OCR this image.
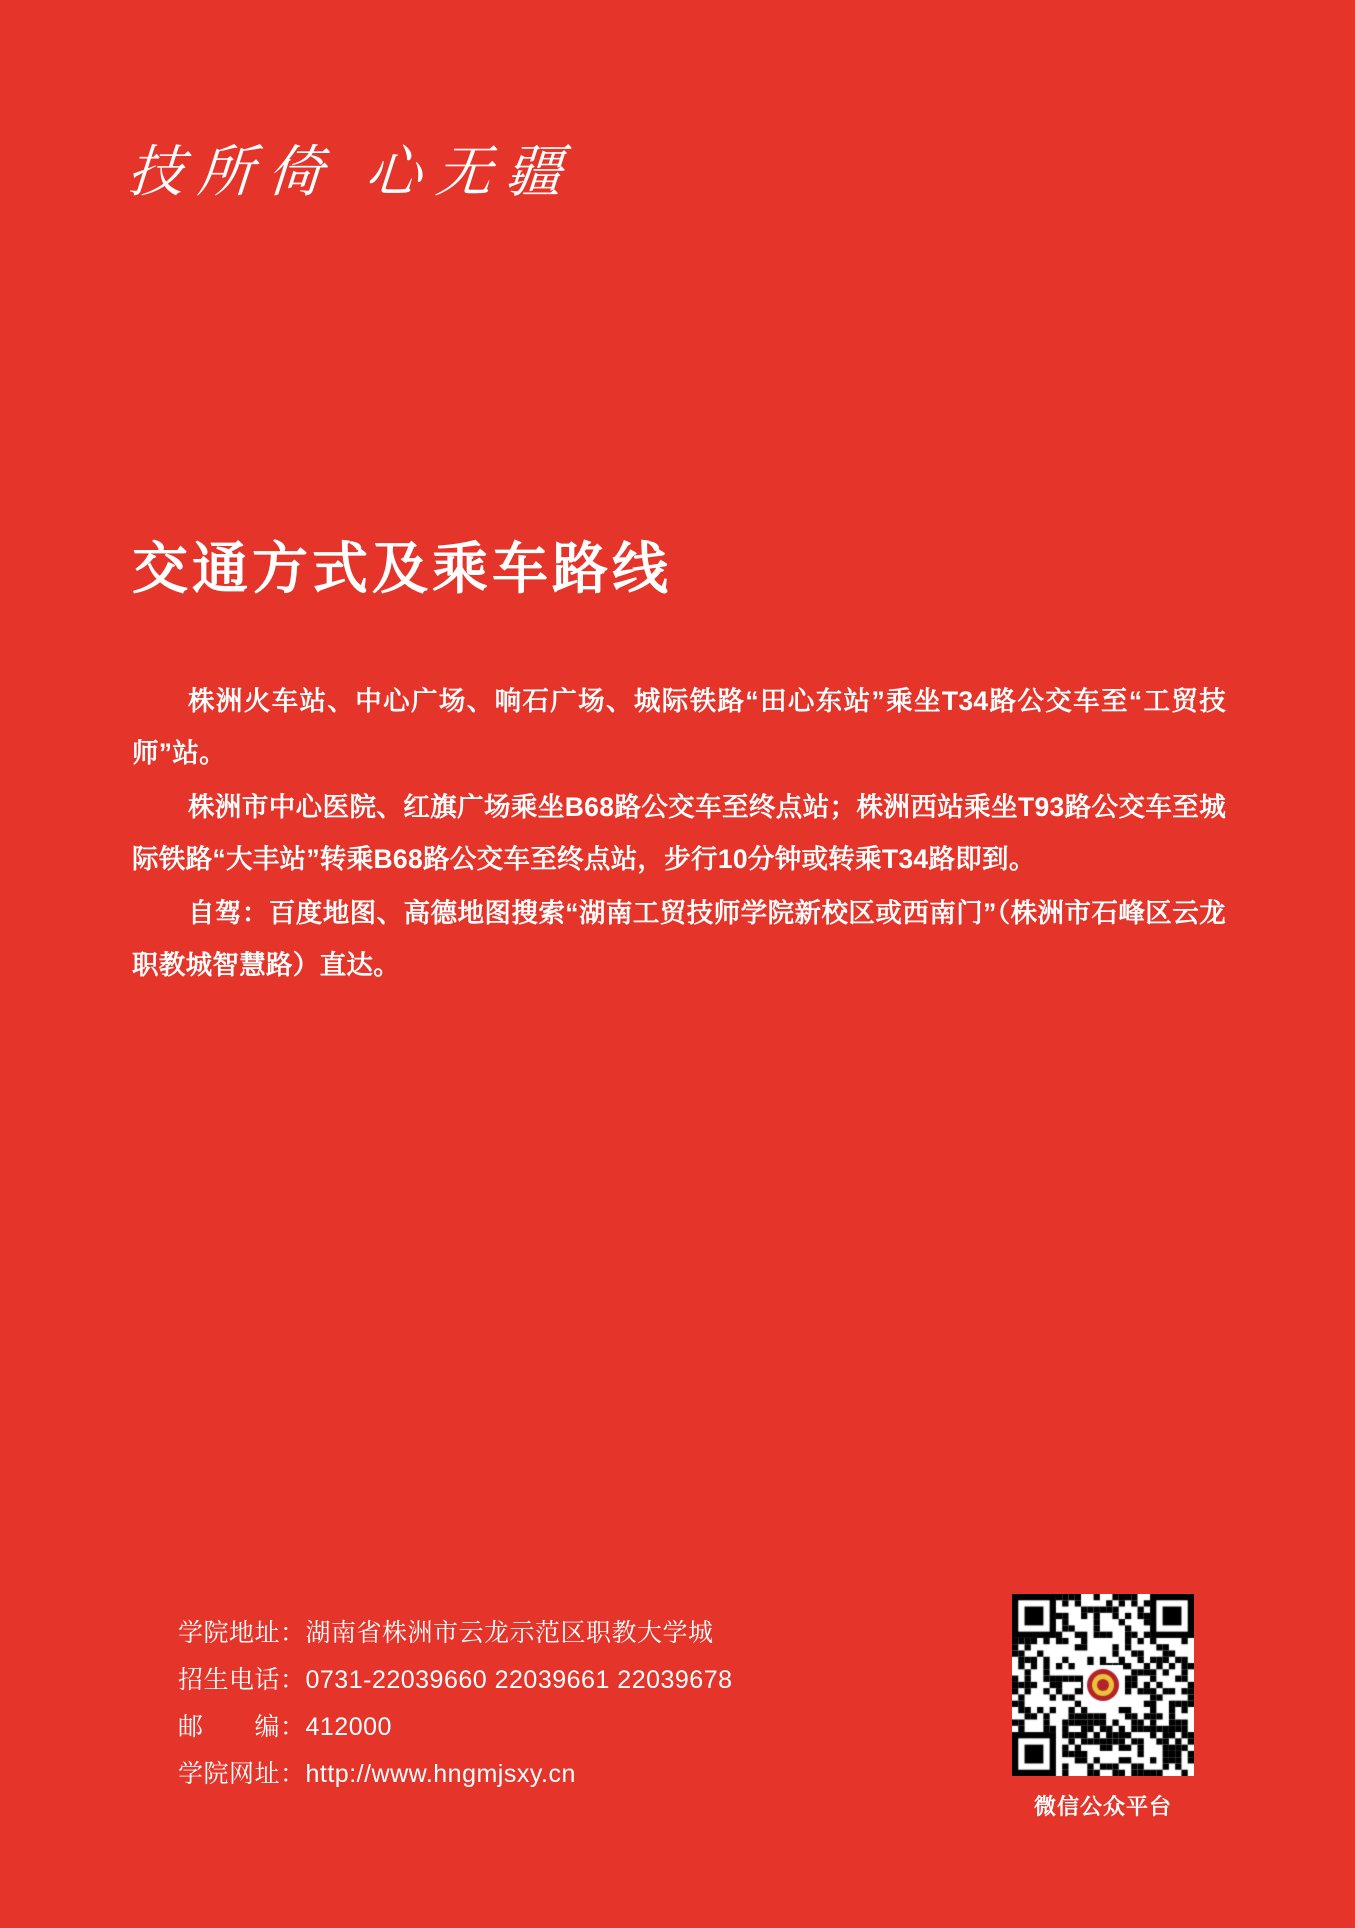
技所倚 心无疆
交通方式及乘车路线

株洲火车站、中心广场、响石广场、城际铁路“田心东站”乘坐T34路公交车至“工贸技师”站。

株洲市中心医院、红旗广场乘坐B68路公交车至终点站；株洲西站乘坐T93路公交车至城际铁路“大丰站”转乘B68路公交车至终点站，步行10分钟或转乘T34路即到。

自驾：百度地图、高德地图搜索“湖南工贸技师学院新校区或西南门”（株洲市石峰区云龙职教城智慧路）直达。

学院地址：湖南省株洲市云龙示范区职教大学城
招生电话：0731-22039660 22039661 22039678
邮　　编：412000
学院网址：http://www.hngmjsxy.cn
微信公众平台
